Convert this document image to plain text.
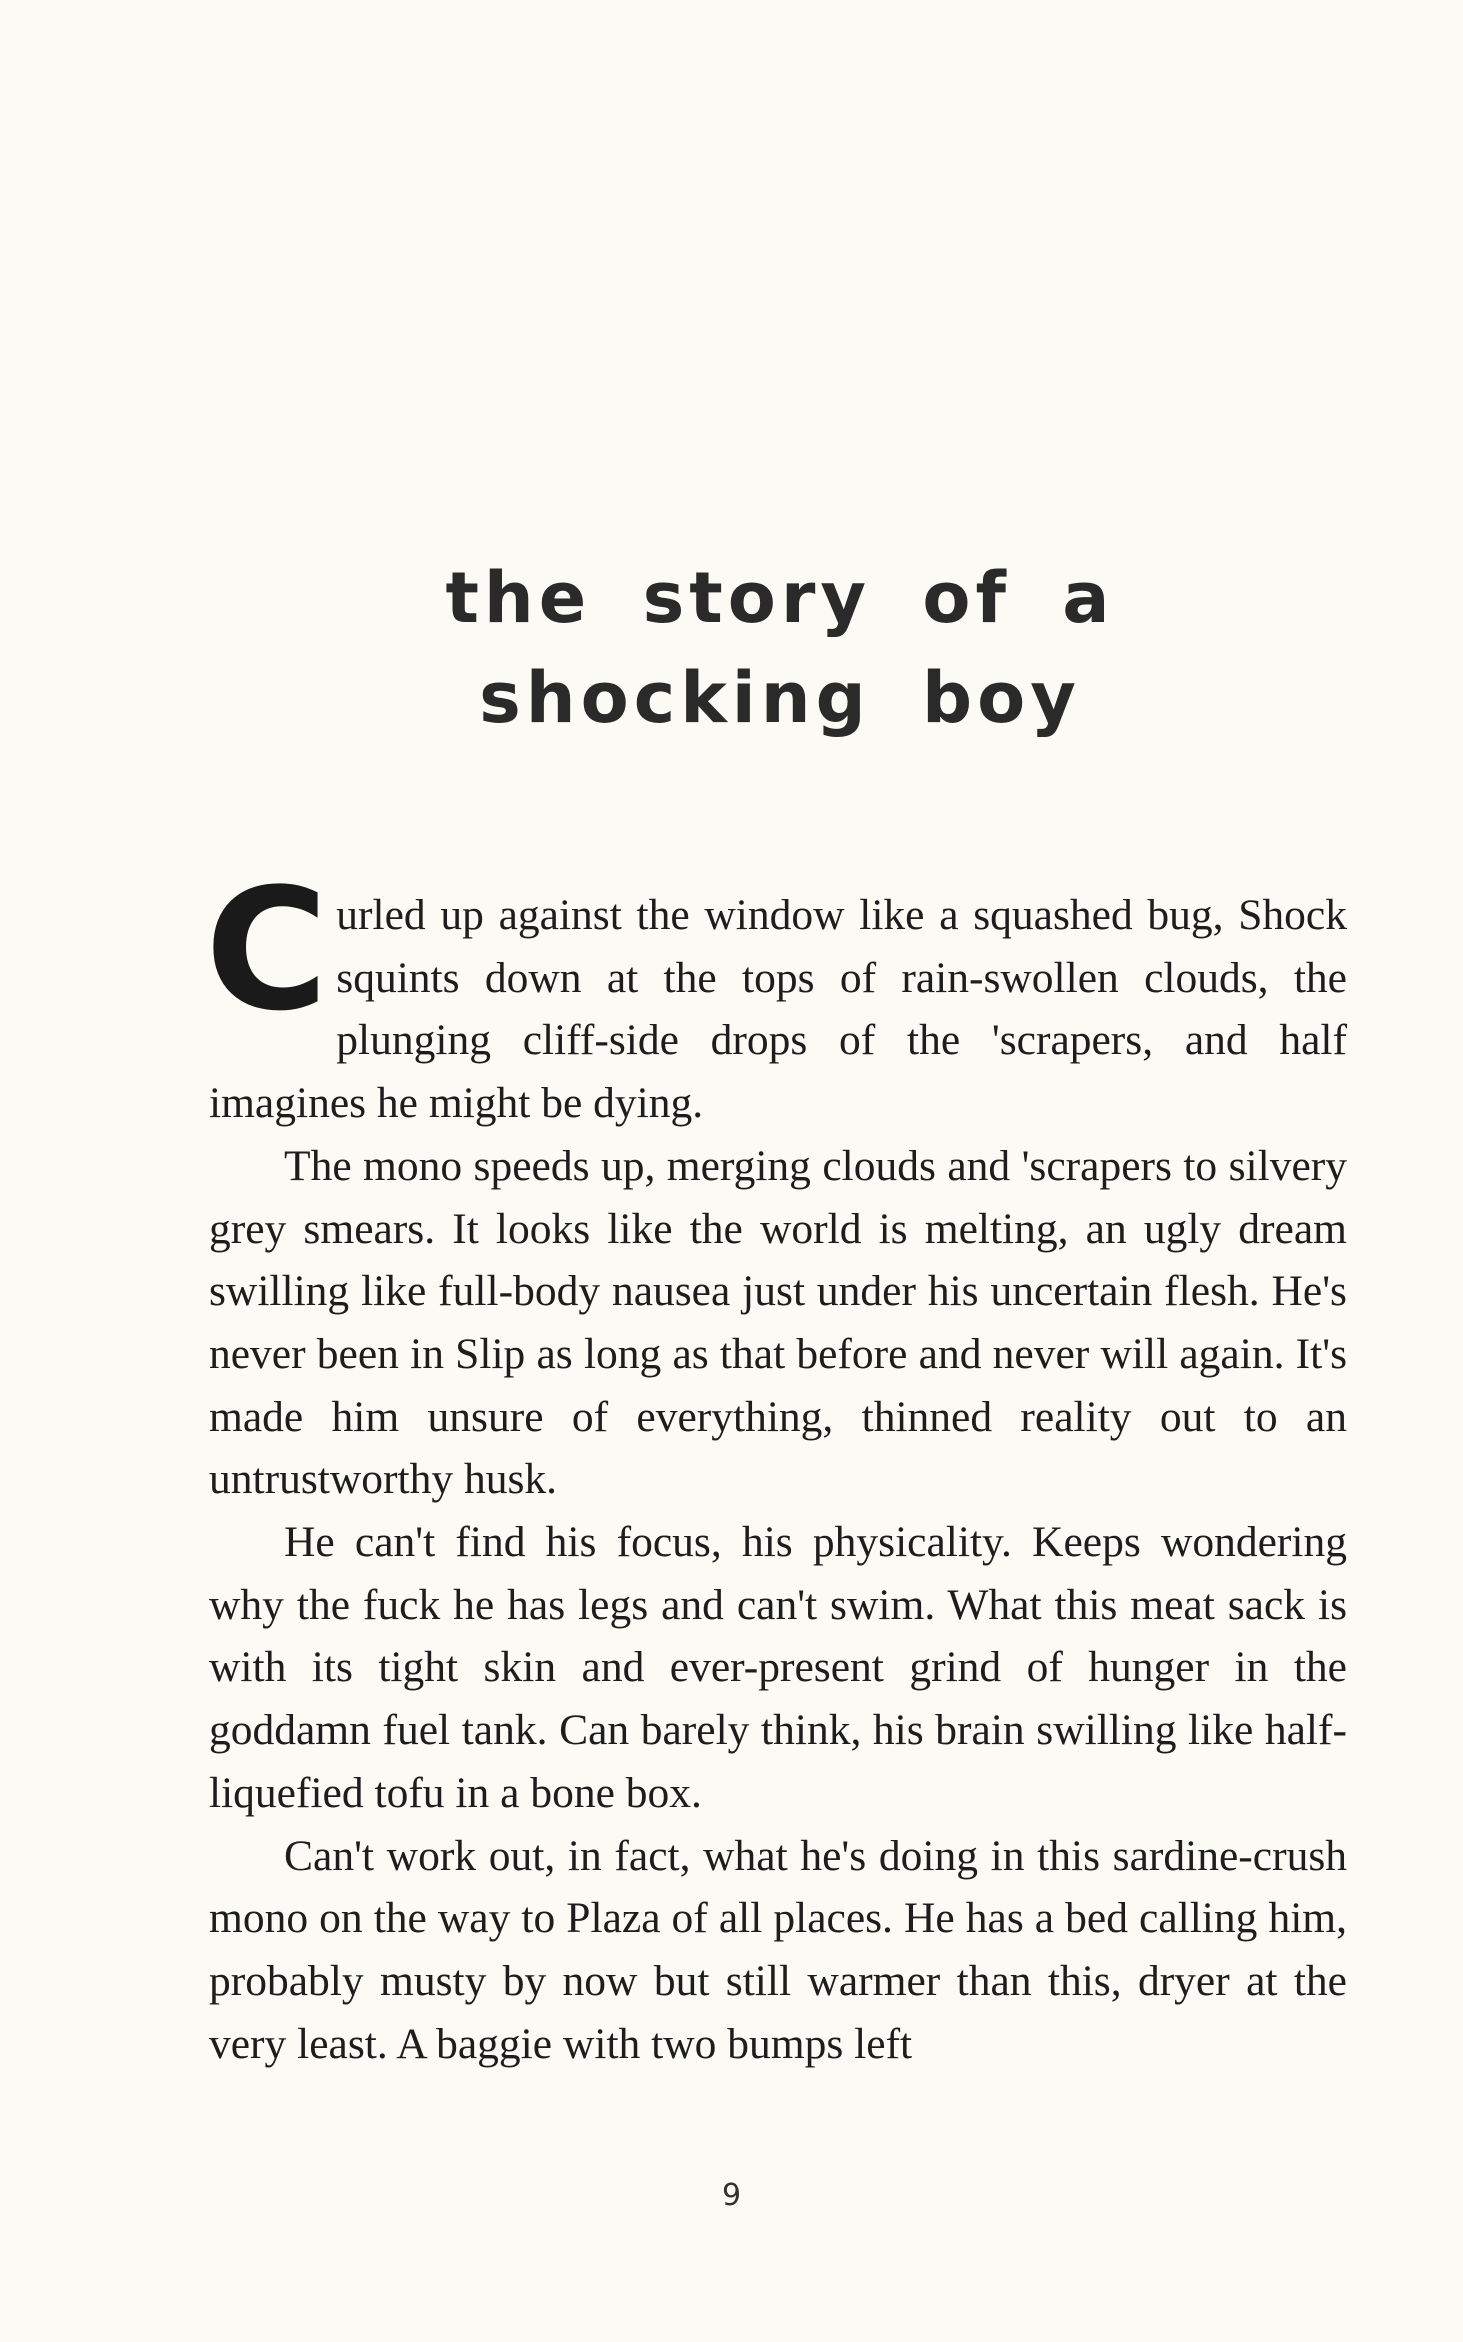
the story of a
shocking boy

Curled up against the window like a squashed bug, Shock squints down at the tops of rain-swollen clouds, the plunging cliff-side drops of the 'scrapers, and half imagines he might be dying.

The mono speeds up, merging clouds and 'scrapers to silvery grey smears. It looks like the world is melting, an ugly dream swilling like full-body nausea just under his uncertain flesh. He's never been in Slip as long as that before and never will again. It's made him unsure of everything, thinned reality out to an untrustworthy husk.

He can't find his focus, his physicality. Keeps wondering why the fuck he has legs and can't swim. What this meat sack is with its tight skin and ever-present grind of hunger in the goddamn fuel tank. Can barely think, his brain swilling like half-liquefied tofu in a bone box.

Can't work out, in fact, what he's doing in this sardine-crush mono on the way to Plaza of all places. He has a bed calling him, probably musty by now but still warmer than this, dryer at the very least. A baggie with two bumps left

9
